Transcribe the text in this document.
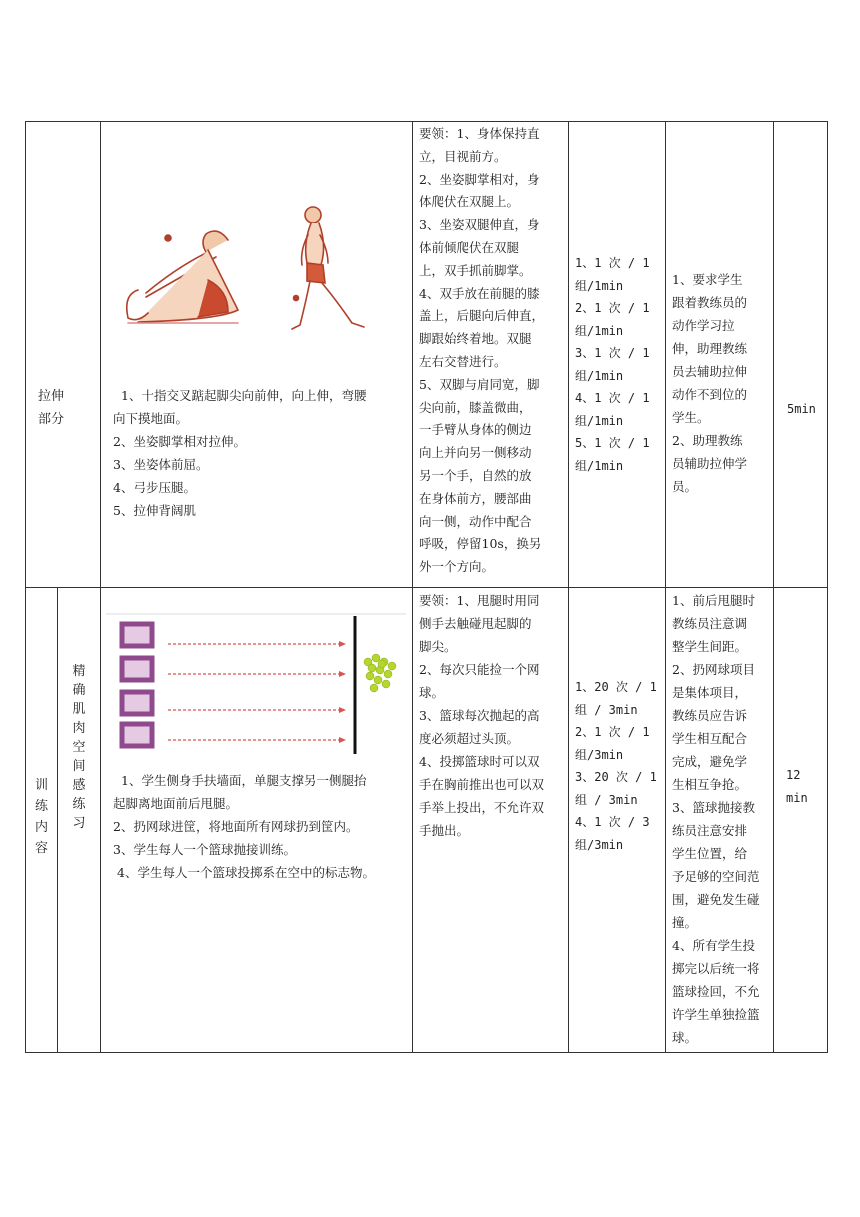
拉伸
部分
1、十指交叉踮起脚尖向前伸，向上伸，弯腰
向下摸地面。
2、坐姿脚掌相对拉伸。
3、坐姿体前屈。
4、弓步压腿。
5、拉伸背阔肌
要领：1、身体保持直
立，目视前方。
2、坐姿脚掌相对，身
体爬伏在双腿上。
3、坐姿双腿伸直，身
体前倾爬伏在双腿
上，双手抓前脚掌。
4、双手放在前腿的膝
盖上，后腿向后伸直，
脚跟始终着地。双腿
左右交替进行。
5、双脚与肩同宽，脚
尖向前，膝盖微曲，
一手臂从身体的侧边
向上并向另一侧移动
另一个手，自然的放
在身体前方，腰部曲
向一侧，动作中配合
呼吸，停留10s，换另
外一个方向。
1、1 次 / 1
组/1min
2、1 次 / 1
组/1min
3、1 次 / 1
组/1min
4、1 次 / 1
组/1min
5、1 次 / 1
组/1min
1、要求学生
跟着教练员的
动作学习拉
伸，助理教练
员去辅助拉伸
动作不到位的
学生。
2、助理教练
员辅助拉伸学
员。
5min
训
练
内
容
精
确
肌
肉
空
间
感
练
习
1、学生侧身手扶墙面，单腿支撑另一侧腿抬
起脚离地面前后甩腿。
2、扔网球进筐，将地面所有网球扔到筐内。
3、学生每人一个篮球抛接训练。
4、学生每人一个篮球投掷系在空中的标志物。
要领：1、甩腿时用同
侧手去触碰甩起脚的
脚尖。
2、每次只能捡一个网
球。
3、篮球每次抛起的高
度必须超过头顶。
4、投掷篮球时可以双
手在胸前推出也可以双
手举上投出，不允许双
手抛出。
1、20 次 / 1
组 / 3min
2、1 次 / 1
组/3min
3、20 次 / 1
组 / 3min
4、1 次 / 3
组/3min
1、前后甩腿时
教练员注意调
整学生间距。
2、扔网球项目
是集体项目，
教练员应告诉
学生相互配合
完成，避免学
生相互争抢。
3、篮球抛接教
练员注意安排
学生位置，给
予足够的空间范
围，避免发生碰
撞。
4、所有学生投
掷完以后统一将
篮球捡回，不允
许学生单独捡篮
球。
12
min
